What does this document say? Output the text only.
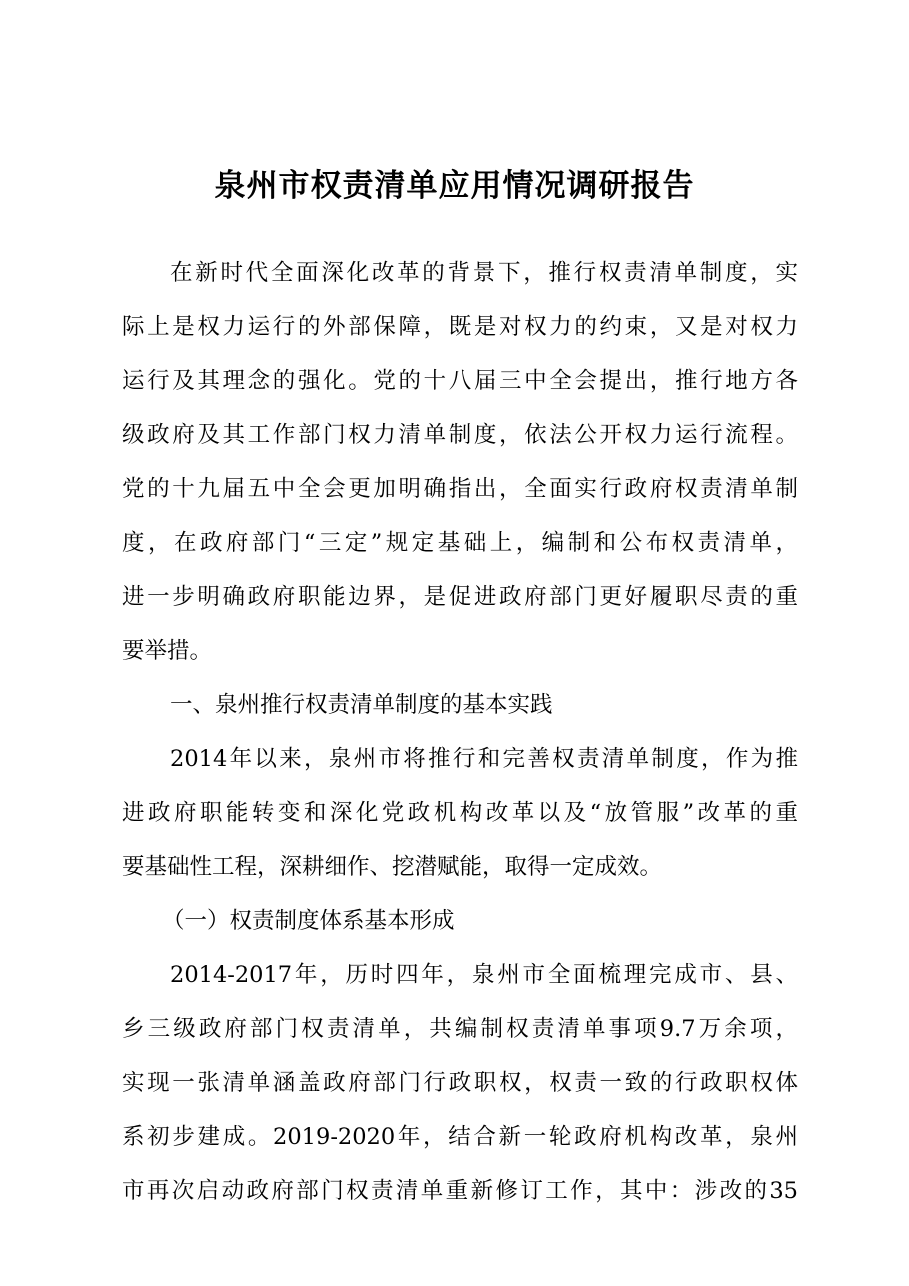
泉州市权责清单应用情况调研报告
在新时代全面深化改革的背景下，推行权责清单制度，实
际上是权力运行的外部保障，既是对权力的约束，又是对权力
运行及其理念的强化。党的十八届三中全会提出，推行地方各
级政府及其工作部门权力清单制度，依法公开权力运行流程。
党的十九届五中全会更加明确指出，全面实行政府权责清单制
度，在政府部门“三定”规定基础上，编制和公布权责清单，
进一步明确政府职能边界，是促进政府部门更好履职尽责的重
要举措。
一、泉州推行权责清单制度的基本实践
2014年以来，泉州市将推行和完善权责清单制度，作为推
进政府职能转变和深化党政机构改革以及“放管服”改革的重
要基础性工程，深耕细作、挖潜赋能，取得一定成效。
（一）权责制度体系基本形成
2014-2017年，历时四年，泉州市全面梳理完成市、县、
乡三级政府部门权责清单，共编制权责清单事项9.7万余项，
实现一张清单涵盖政府部门行政职权，权责一致的行政职权体
系初步建成。2019-2020年，结合新一轮政府机构改革，泉州
市再次启动政府部门权责清单重新修订工作，其中：涉改的35
